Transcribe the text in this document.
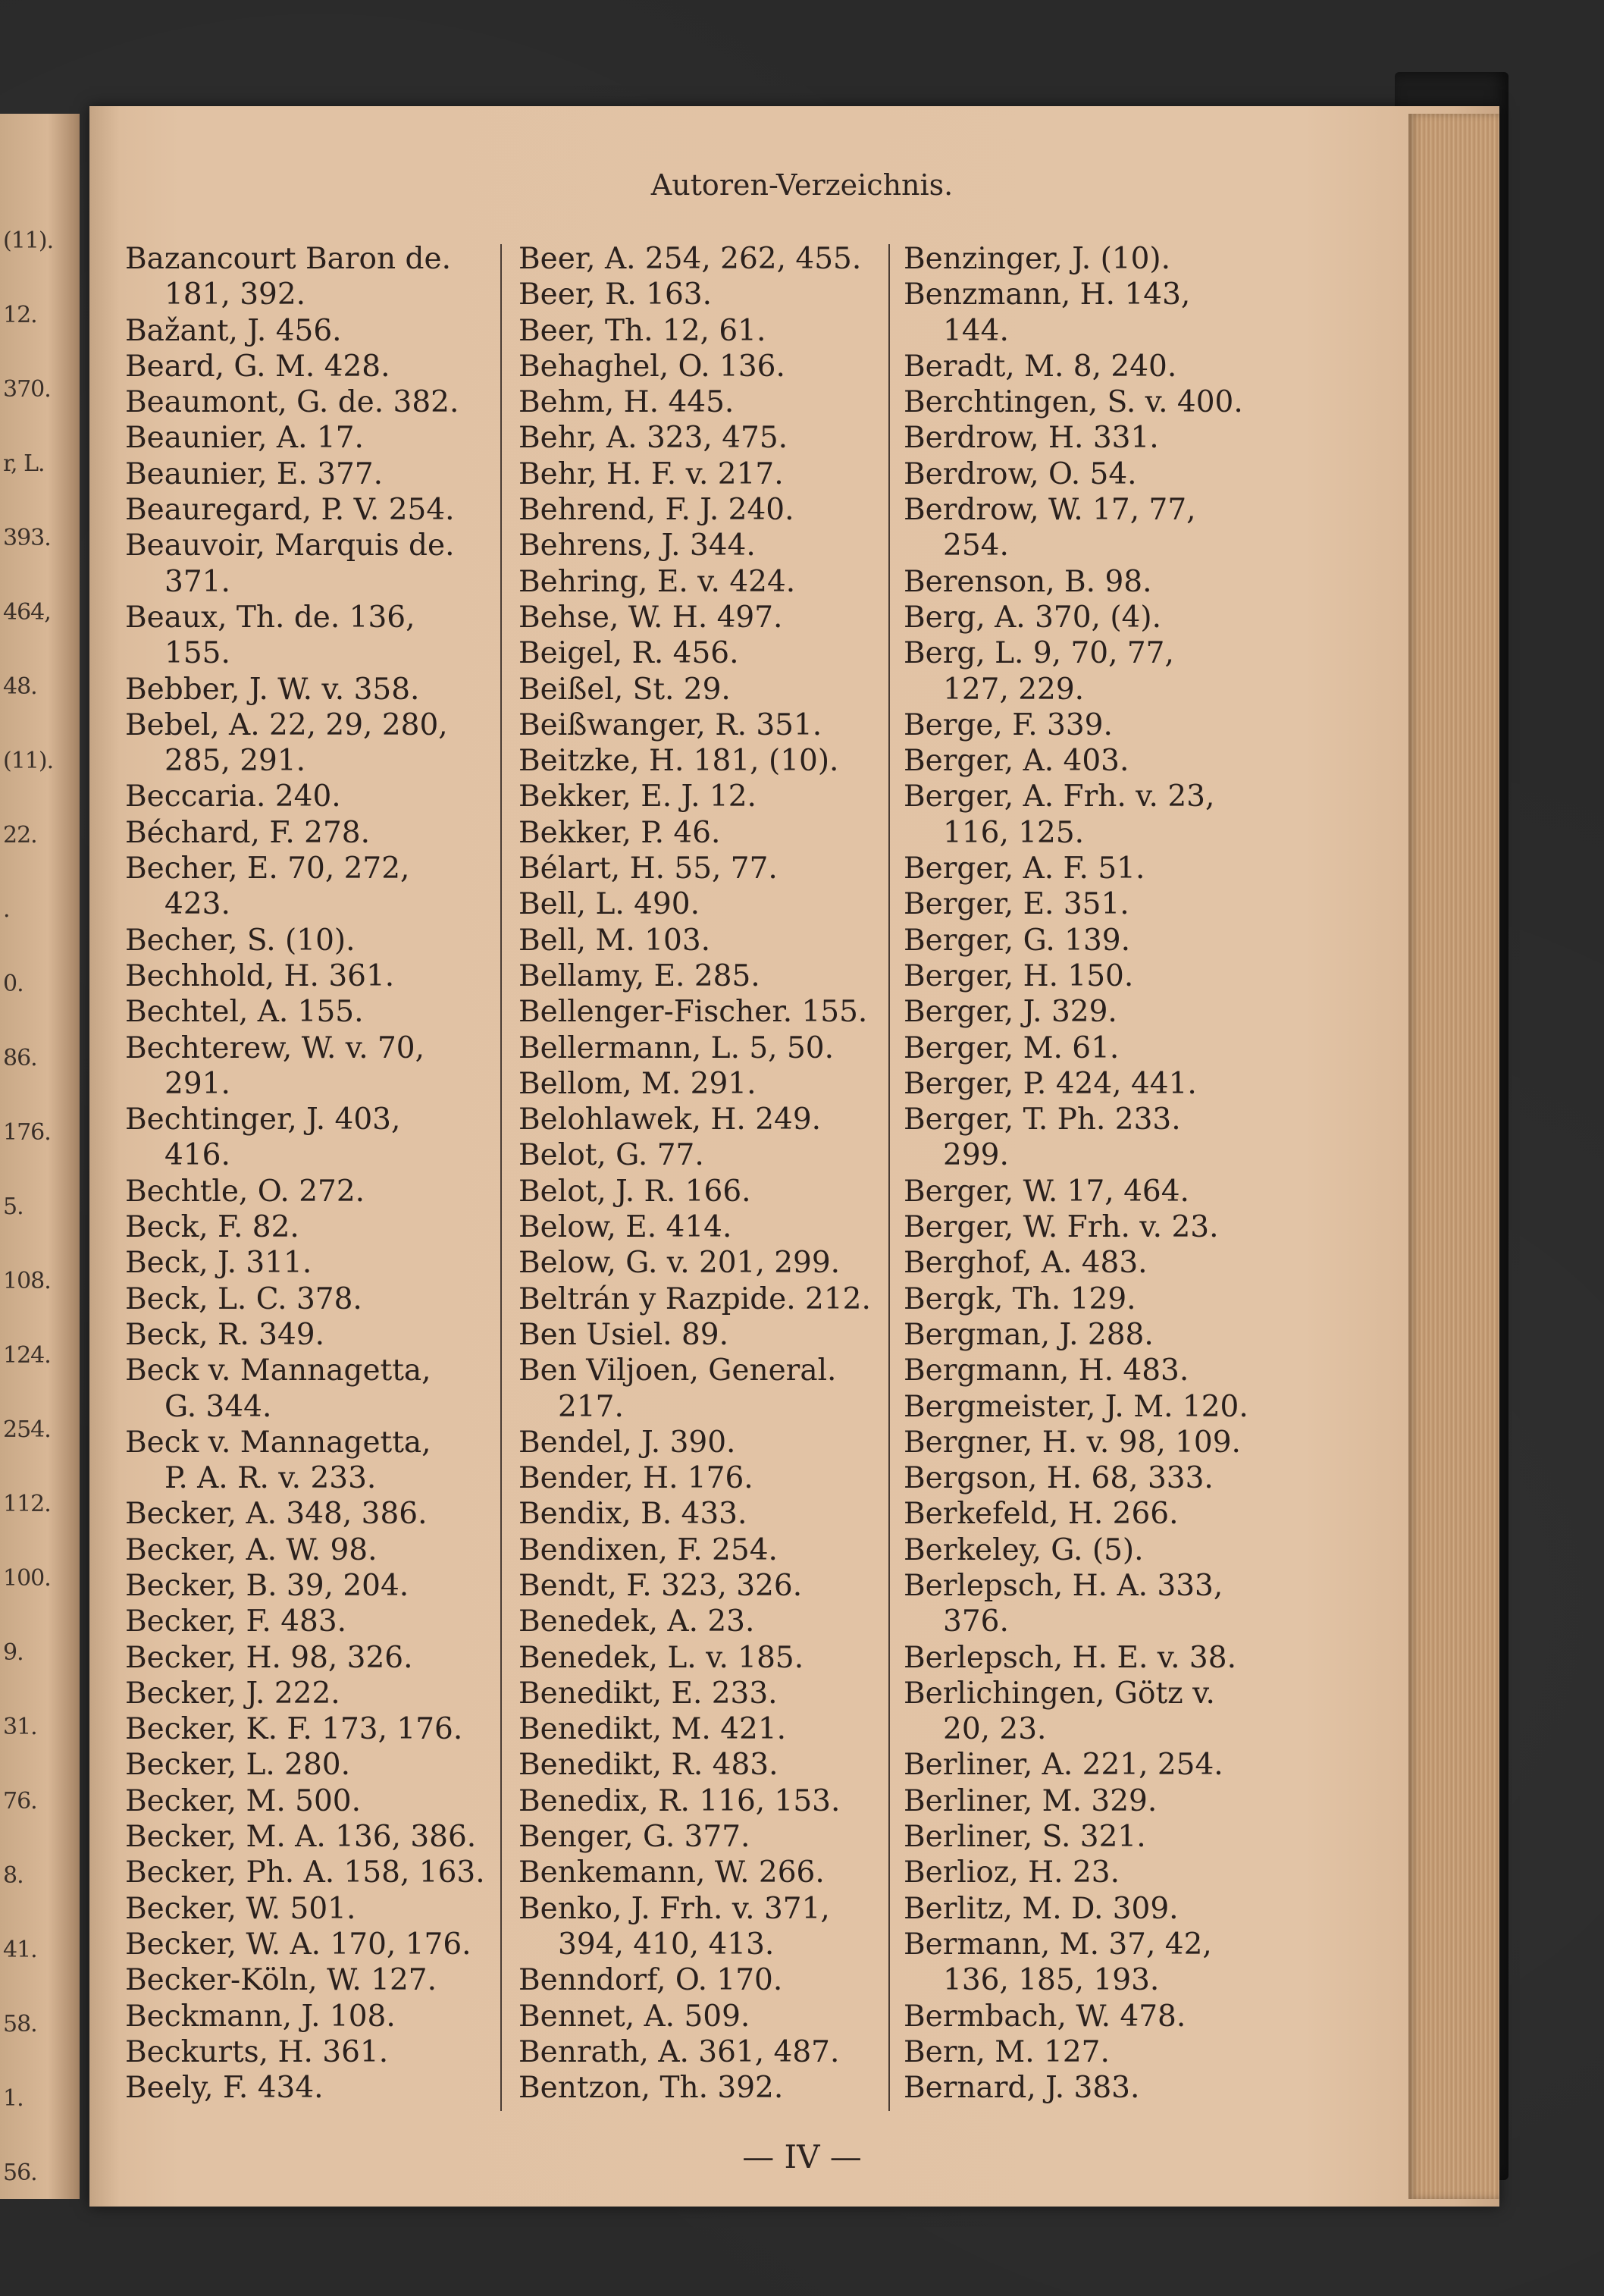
(11).
12.
370.
r, L.
393.
464,
48.
(11).
22.
.
0.
86.
176.
5.
108.
124.
254.
112.
100.
9.
31.
76.
8.
41.
58.
1.
56.
Autoren-Verzeichnis.
Bazancourt Baron de.
181, 392.
Bažant, J. 456.
Beard, G. M. 428.
Beaumont, G. de. 382.
Beaunier, A. 17.
Beaunier, E. 377.
Beauregard, P. V. 254.
Beauvoir, Marquis de.
371.
Beaux, Th. de. 136,
155.
Bebber, J. W. v. 358.
Bebel, A. 22, 29, 280,
285, 291.
Beccaria. 240.
Béchard, F. 278.
Becher, E. 70, 272,
423.
Becher, S. (10).
Bechhold, H. 361.
Bechtel, A. 155.
Bechterew, W. v. 70,
291.
Bechtinger, J. 403,
416.
Bechtle, O. 272.
Beck, F. 82.
Beck, J. 311.
Beck, L. C. 378.
Beck, R. 349.
Beck v. Mannagetta,
G. 344.
Beck v. Mannagetta,
P. A. R. v. 233.
Becker, A. 348, 386.
Becker, A. W. 98.
Becker, B. 39, 204.
Becker, F. 483.
Becker, H. 98, 326.
Becker, J. 222.
Becker, K. F. 173, 176.
Becker, L. 280.
Becker, M. 500.
Becker, M. A. 136, 386.
Becker, Ph. A. 158, 163.
Becker, W. 501.
Becker, W. A. 170, 176.
Becker-Köln, W. 127.
Beckmann, J. 108.
Beckurts, H. 361.
Beely, F. 434.
Beer, A. 254, 262, 455.
Beer, R. 163.
Beer, Th. 12, 61.
Behaghel, O. 136.
Behm, H. 445.
Behr, A. 323, 475.
Behr, H. F. v. 217.
Behrend, F. J. 240.
Behrens, J. 344.
Behring, E. v. 424.
Behse, W. H. 497.
Beigel, R. 456.
Beißel, St. 29.
Beißwanger, R. 351.
Beitzke, H. 181, (10).
Bekker, E. J. 12.
Bekker, P. 46.
Bélart, H. 55, 77.
Bell, L. 490.
Bell, M. 103.
Bellamy, E. 285.
Bellenger-Fischer. 155.
Bellermann, L. 5, 50.
Bellom, M. 291.
Belohlawek, H. 249.
Belot, G. 77.
Belot, J. R. 166.
Below, E. 414.
Below, G. v. 201, 299.
Beltrán y Razpide. 212.
Ben Usiel. 89.
Ben Viljoen, General.
217.
Bendel, J. 390.
Bender, H. 176.
Bendix, B. 433.
Bendixen, F. 254.
Bendt, F. 323, 326.
Benedek, A. 23.
Benedek, L. v. 185.
Benedikt, E. 233.
Benedikt, M. 421.
Benedikt, R. 483.
Benedix, R. 116, 153.
Benger, G. 377.
Benkemann, W. 266.
Benko, J. Frh. v. 371,
394, 410, 413.
Benndorf, O. 170.
Bennet, A. 509.
Benrath, A. 361, 487.
Bentzon, Th. 392.
Benzinger, J. (10).
Benzmann, H. 143,
144.
Beradt, M. 8, 240.
Berchtingen, S. v. 400.
Berdrow, H. 331.
Berdrow, O. 54.
Berdrow, W. 17, 77,
254.
Berenson, B. 98.
Berg, A. 370, (4).
Berg, L. 9, 70, 77,
127, 229.
Berge, F. 339.
Berger, A. 403.
Berger, A. Frh. v. 23,
116, 125.
Berger, A. F. 51.
Berger, E. 351.
Berger, G. 139.
Berger, H. 150.
Berger, J. 329.
Berger, M. 61.
Berger, P. 424, 441.
Berger, T. Ph. 233.
299.
Berger, W. 17, 464.
Berger, W. Frh. v. 23.
Berghof, A. 483.
Bergk, Th. 129.
Bergman, J. 288.
Bergmann, H. 483.
Bergmeister, J. M. 120.
Bergner, H. v. 98, 109.
Bergson, H. 68, 333.
Berkefeld, H. 266.
Berkeley, G. (5).
Berlepsch, H. A. 333,
376.
Berlepsch, H. E. v. 38.
Berlichingen, Götz v.
20, 23.
Berliner, A. 221, 254.
Berliner, M. 329.
Berliner, S. 321.
Berlioz, H. 23.
Berlitz, M. D. 309.
Bermann, M. 37, 42,
136, 185, 193.
Bermbach, W. 478.
Bern, M. 127.
Bernard, J. 383.
— IV —
